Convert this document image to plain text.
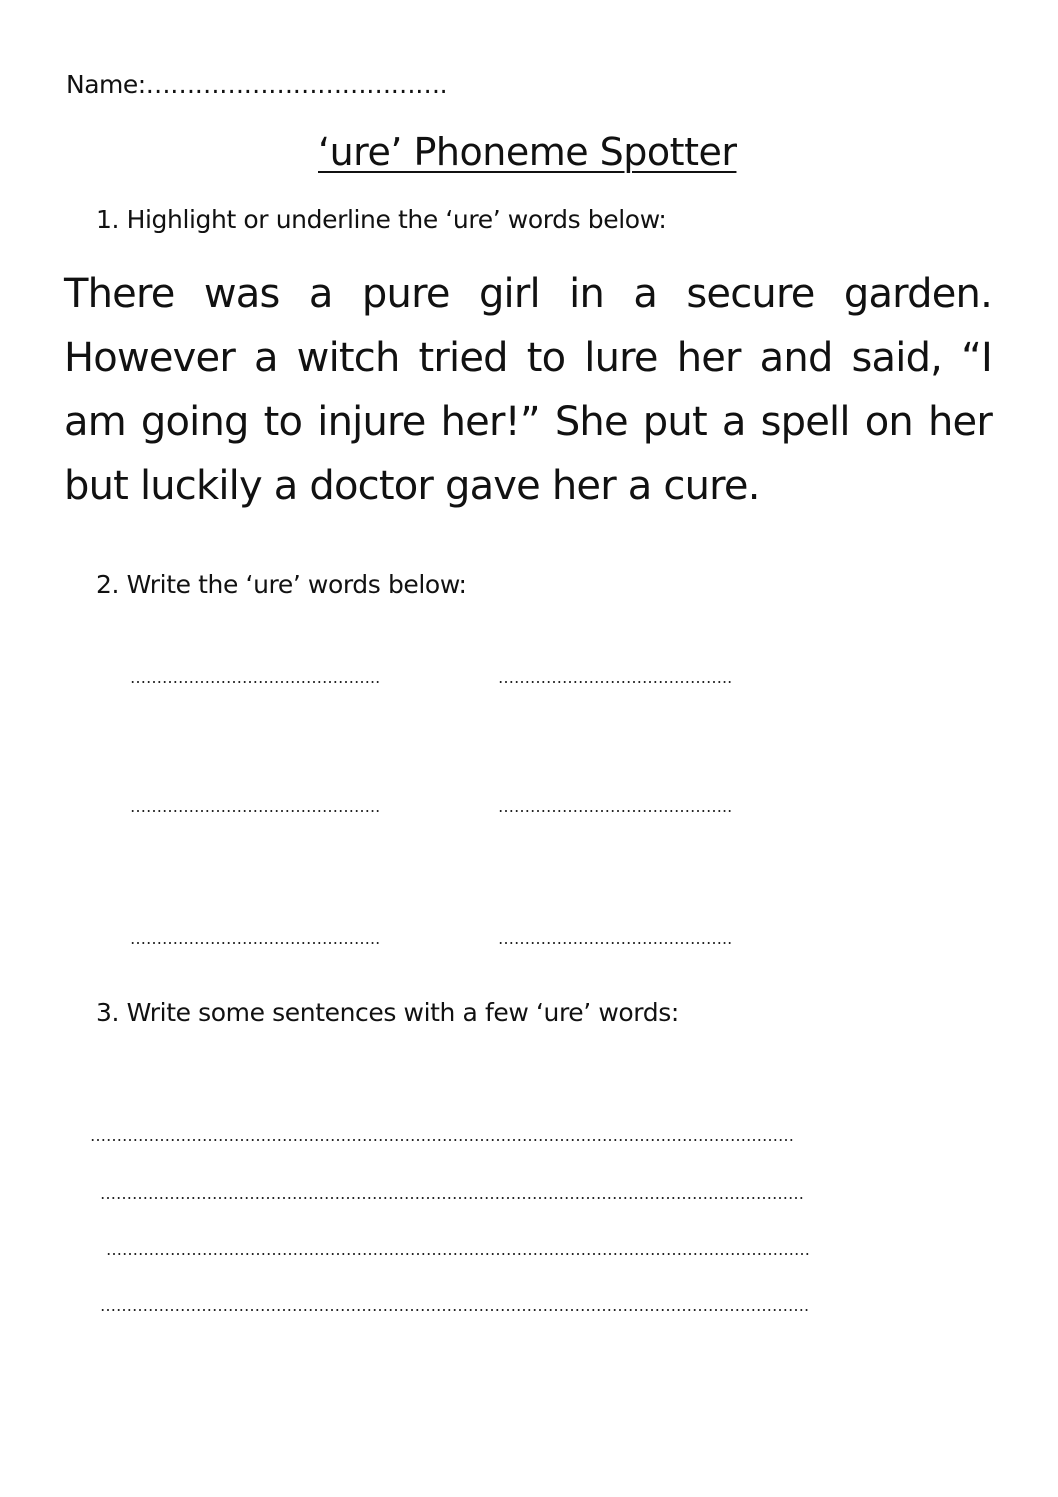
Name:……………………………….
‘ure’ Phoneme Spotter
1. Highlight or underline the ‘ure’ words below:

There was a pure girl in a secure garden. However a witch tried to lure her and said, “I am going to injure her!” She put a spell on her but luckily a doctor gave her a cure.

2. Write the ‘ure’ words below:
………………………………………..	……………………………………..
………………………………………..	……………………………………..
………………………………………..	……………………………………..
3. Write some sentences with a few ‘ure’ words:
……………………………………………………………………………………………………………………
……………………………………………………………………………………………………………………
……………………………………………………………………………………………………………………
…………………………………………………………………………………………………………………….
